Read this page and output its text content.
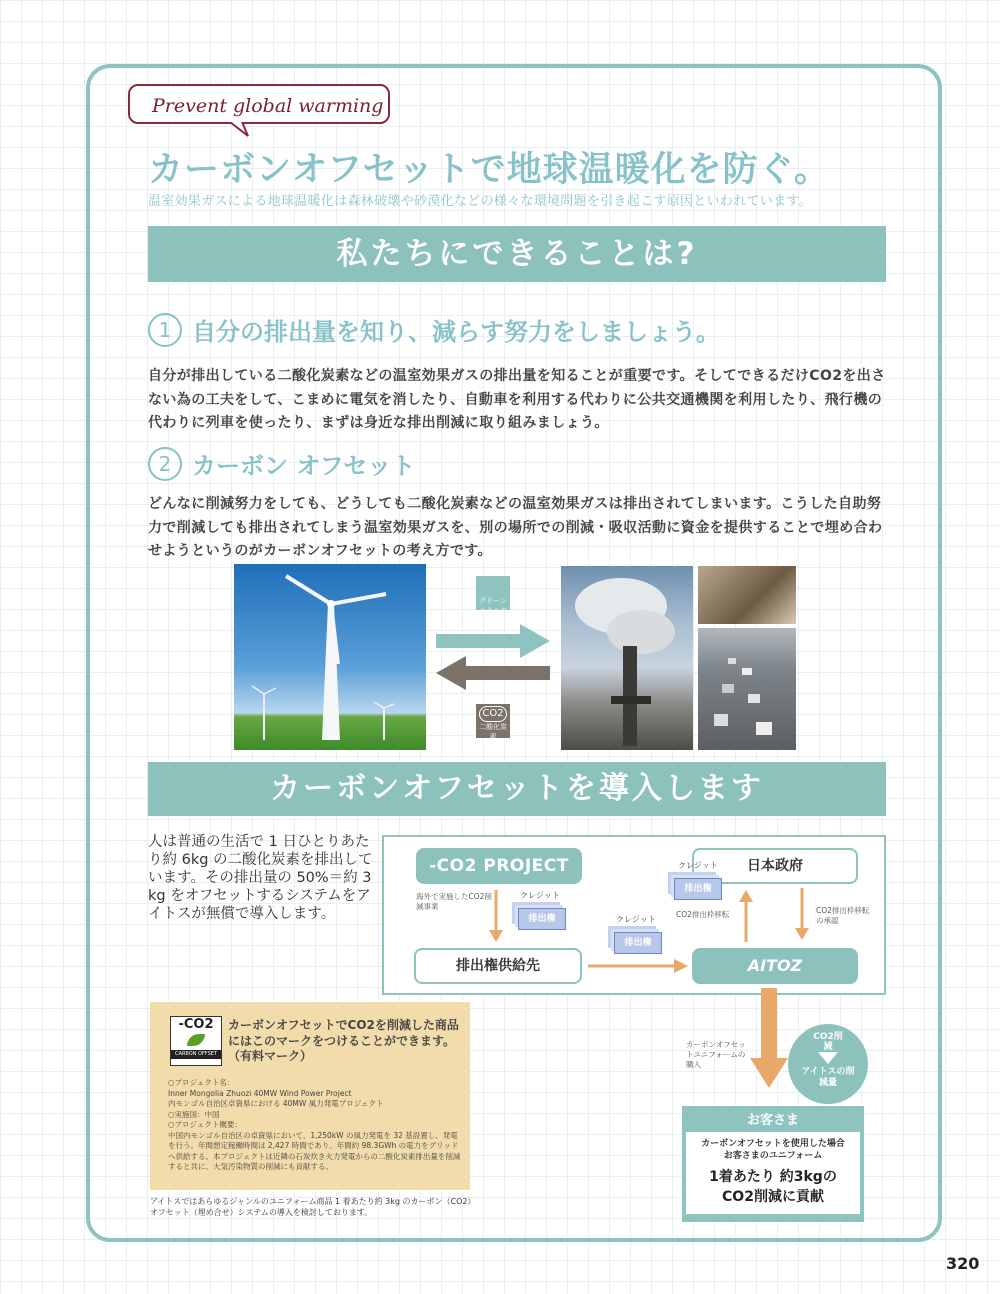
Prevent global warming
カーボンオフセットで地球温暖化を防ぐ。
温室効果ガスによる地球温暖化は森林破壊や砂漠化などの様々な環境問題を引き起こす原因といわれています。
私たちにできることは?
1 自分の排出量を知り、減らす努力をしましょう。
自分が排出している二酸化炭素などの温室効果ガスの排出量を知ることが重要です。そしてできるだけCO2を出さない為の工夫をして、こまめに電気を消したり、自動車を利用する代わりに公共交通機関を利用したり、飛行機の代わりに列車を使ったり、まずは身近な排出削減に取り組みましょう。
2 カーボン オフセット
どんなに削減努力をしても、どうしても二酸化炭素などの温室効果ガスは排出されてしまいます。こうした自助努力で削減しても排出されてしまう温室効果ガスを、別の場所での削減・吸収活動に資金を提供することで埋め合わせようというのがカーボンオフセットの考え方です。
グリーンエネルギー
CO2
二酸化炭素
カーボンオフセットを導入します
人は普通の生活で 1 日ひとりあたり約 6kg の二酸化炭素を排出しています。その排出量の 50%＝約 3 kg をオフセットするシステムをアイトスが無償で導入します。
-CO2 PROJECT	日本政府
排出権供給先	AITOZ
海外で実施したCO2削減事業
クレジット
排出権	クレジット
排出権
クレジット
排出権
CO2排出枠移転	CO2排出枠移転の承認
-CO2
CARBON OFFSET
カーボンオフセットでCO2を削減した商品にはこのマークをつけることができます。（有料マーク）
○プロジェクト名：
Inner Mongolia Zhuozi 40MW Wind Power Project
内モンゴル自治区卓資県における 40MW 風力発電プロジェクト
○実施国：中国
○プロジェクト概要：
中国内モンゴル自治区の卓資県において、1,250kW の風力発電を 32 基設置し、発電を行う。年間想定稼働時間は 2,427 時間であり、年間約 98.3GWh の電力をグリッドへ供給する。本プロジェクトは近隣の石炭炊き火力発電からの二酸化炭素排出量を削減すると共に、大気汚染物質の削減にも貢献する。
アイトスではあらゆるジャンルのユニフォーム商品 1 着あたり約 3kg のカーボン（CO2）オフセット（埋め合せ）システムの導入を検討しております。
カーボンオフセットユニフォームの購入
CO2削減
アイトスの削減量
お客さま
カーボンオフセットを使用した場合
お客さまのユニフォーム
1着あたり 約3kgの
CO2削減に貢献
320
